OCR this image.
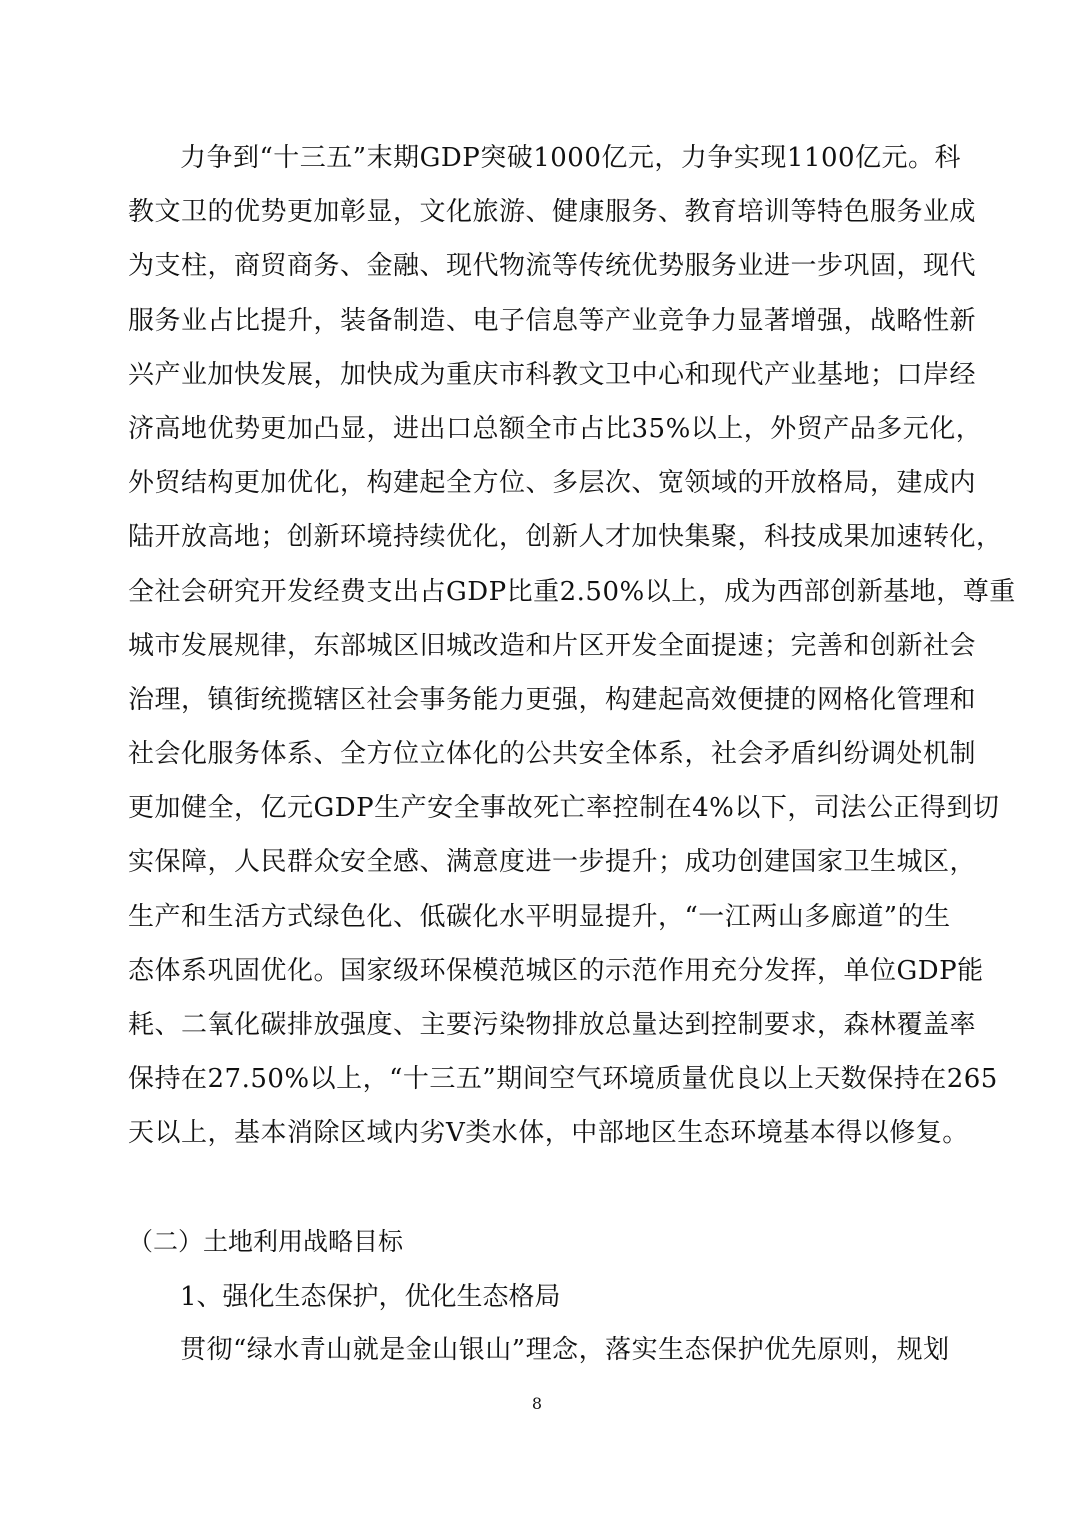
力争到“十三五”末期GDP突破1000亿元，力争实现1100亿元。科
教文卫的优势更加彰显，文化旅游、健康服务、教育培训等特色服务业成
为支柱，商贸商务、金融、现代物流等传统优势服务业进一步巩固，现代
服务业占比提升，装备制造、电子信息等产业竞争力显著增强，战略性新
兴产业加快发展，加快成为重庆市科教文卫中心和现代产业基地；口岸经
济高地优势更加凸显，进出口总额全市占比35%以上，外贸产品多元化，
外贸结构更加优化，构建起全方位、多层次、宽领域的开放格局，建成内
陆开放高地；创新环境持续优化，创新人才加快集聚，科技成果加速转化，
全社会研究开发经费支出占GDP比重2.50%以上，成为西部创新基地，尊重
城市发展规律，东部城区旧城改造和片区开发全面提速；完善和创新社会
治理，镇街统揽辖区社会事务能力更强，构建起高效便捷的网格化管理和
社会化服务体系、全方位立体化的公共安全体系，社会矛盾纠纷调处机制
更加健全，亿元GDP生产安全事故死亡率控制在4%以下，司法公正得到切
实保障，人民群众安全感、满意度进一步提升；成功创建国家卫生城区，
生产和生活方式绿色化、低碳化水平明显提升，“一江两山多廊道”的生
态体系巩固优化。国家级环保模范城区的示范作用充分发挥，单位GDP能
耗、二氧化碳排放强度、主要污染物排放总量达到控制要求，森林覆盖率
保持在27.50%以上，“十三五”期间空气环境质量优良以上天数保持在265
天以上，基本消除区域内劣V类水体，中部地区生态环境基本得以修复。
（二）土地利用战略目标
1、强化生态保护，优化生态格局
贯彻“绿水青山就是金山银山”理念，落实生态保护优先原则，规划
8
